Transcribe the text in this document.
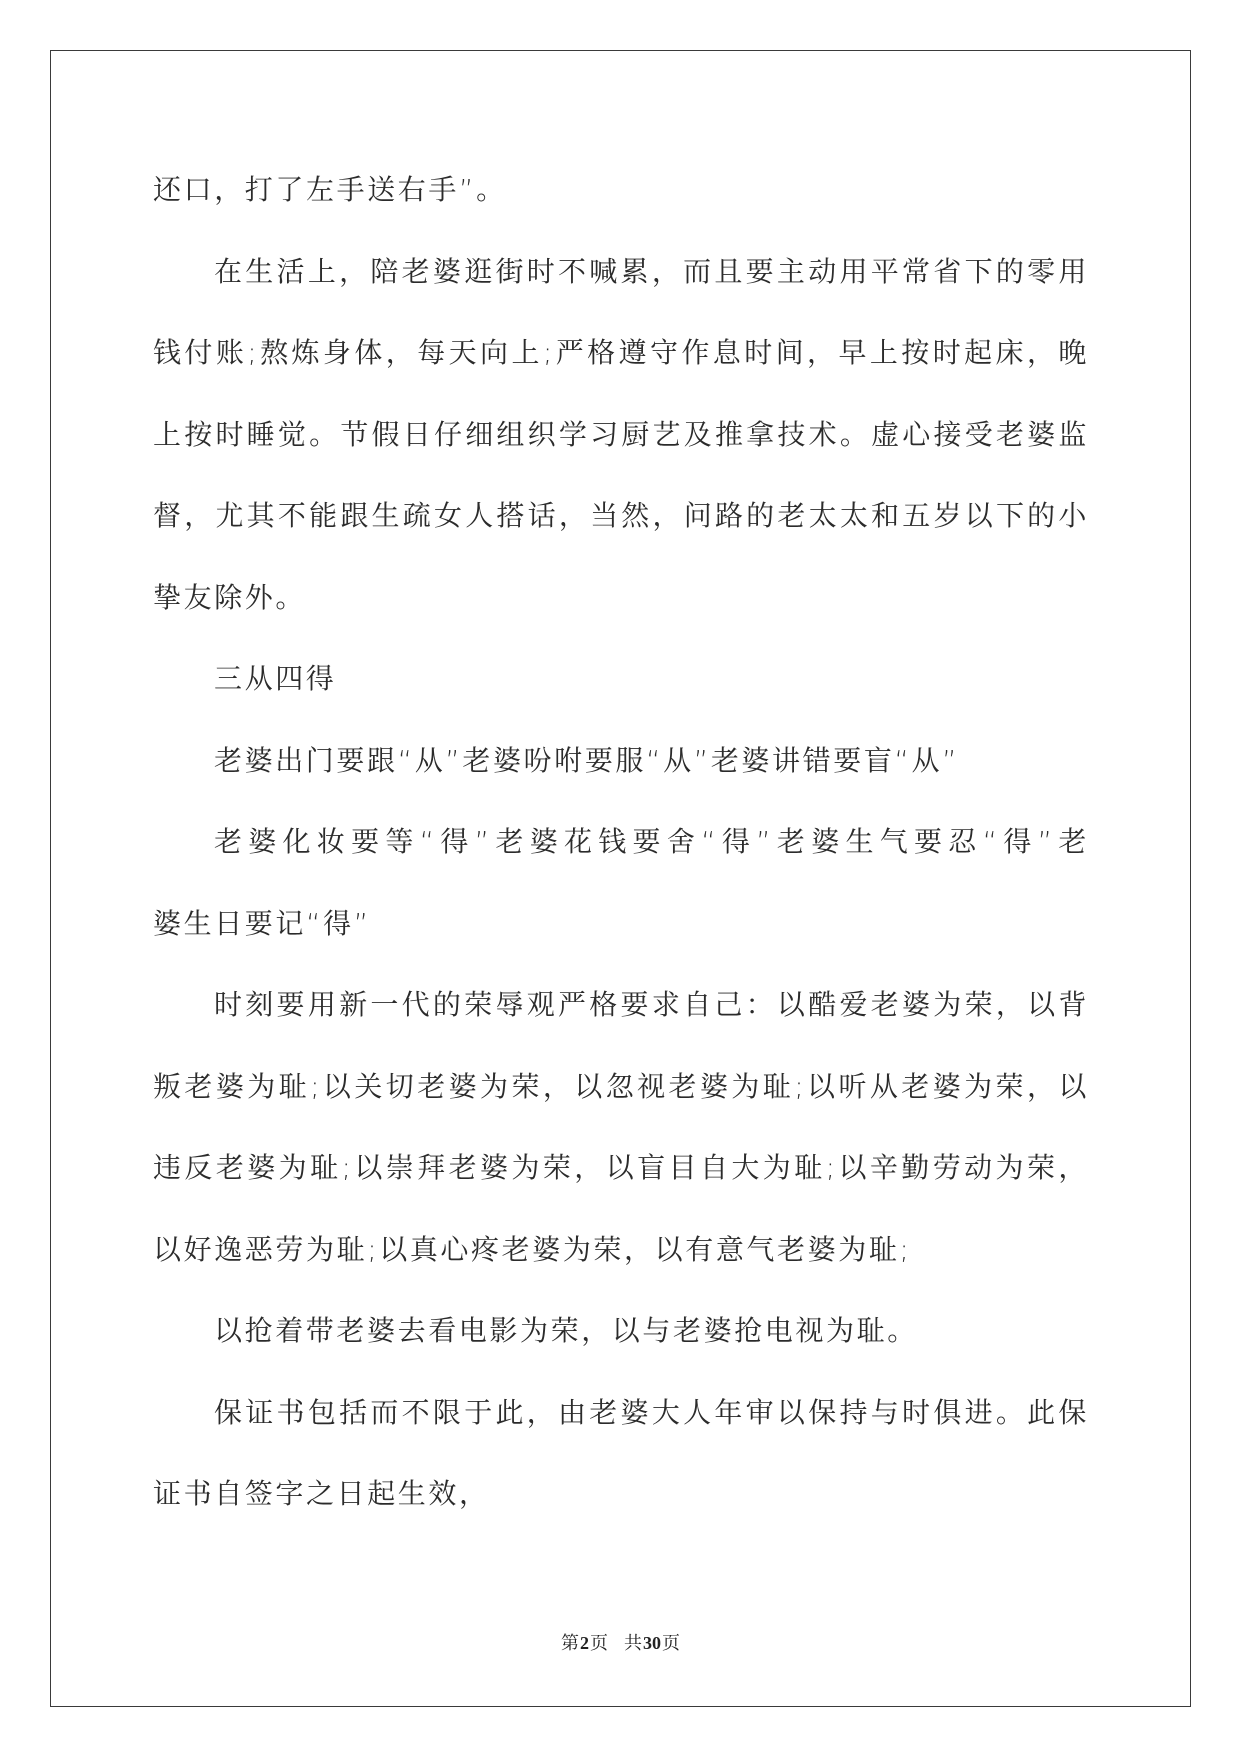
还口，打了左手送右手”。
在生活上，陪老婆逛街时不喊累，而且要主动用平常省下的零用
钱付账;熬炼身体，每天向上;严格遵守作息时间，早上按时起床，晚
上按时睡觉。节假日仔细组织学习厨艺及推拿技术。虚心接受老婆监
督，尤其不能跟生疏女人搭话，当然，问路的老太太和五岁以下的小
挚友除外。
三从四得
老婆出门要跟“从”老婆吩咐要服“从”老婆讲错要盲“从”
老婆化妆要等“得”老婆花钱要舍“得”老婆生气要忍“得”老
婆生日要记“得”
时刻要用新一代的荣辱观严格要求自己：以酷爱老婆为荣，以背
叛老婆为耻;以关切老婆为荣，以忽视老婆为耻;以听从老婆为荣，以
违反老婆为耻;以崇拜老婆为荣，以盲目自大为耻;以辛勤劳动为荣，
以好逸恶劳为耻;以真心疼老婆为荣，以有意气老婆为耻;
以抢着带老婆去看电影为荣，以与老婆抢电视为耻。
保证书包括而不限于此，由老婆大人年审以保持与时俱进。此保
证书自签字之日起生效，
第2页 共30页
